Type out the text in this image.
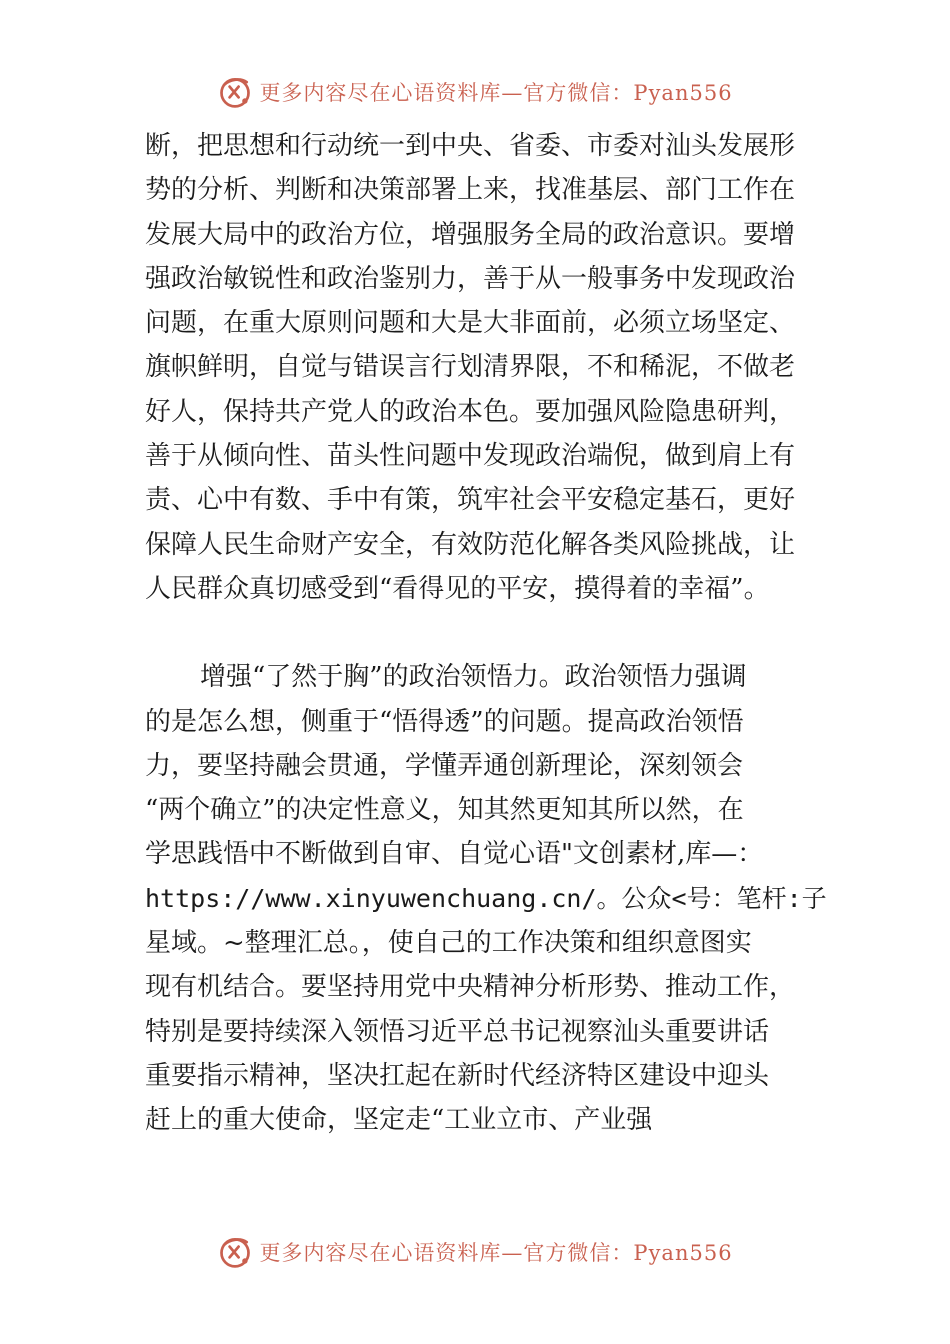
更多内容尽在心语资料库—官方微信：Pyan556
断，把思想和行动统一到中央、省委、市委对汕头发展形
势的分析、判断和决策部署上来，找准基层、部门工作在
发展大局中的政治方位，增强服务全局的政治意识。要增
强政治敏锐性和政治鉴别力，善于从一般事务中发现政治
问题，在重大原则问题和大是大非面前，必须立场坚定、
旗帜鲜明，自觉与错误言行划清界限，不和稀泥，不做老
好人，保持共产党人的政治本色。要加强风险隐患研判，
善于从倾向性、苗头性问题中发现政治端倪，做到肩上有
责、心中有数、手中有策，筑牢社会平安稳定基石，更好
保障人民生命财产安全，有效防范化解各类风险挑战，让
人民群众真切感受到“看得见的平安，摸得着的幸福”。
增强“了然于胸”的政治领悟力。政治领悟力强调
的是怎么想，侧重于“悟得透”的问题。提高政治领悟
力，要坚持融会贯通，学懂弄通创新理论，深刻领会
“两个确立”的决定性意义，知其然更知其所以然，在
学思践悟中不断做到自审、自觉心语"文创素材,库—：
https://www.xinyuwenchuang.cn/。公众<号：笔杆:子
星域。~整理汇总。，使自己的工作决策和组织意图实
现有机结合。要坚持用党中央精神分析形势、推动工作，
特别是要持续深入领悟习近平总书记视察汕头重要讲话
重要指示精神，坚决扛起在新时代经济特区建设中迎头
赶上的重大使命，坚定走“工业立市、产业强
更多内容尽在心语资料库—官方微信：Pyan556
